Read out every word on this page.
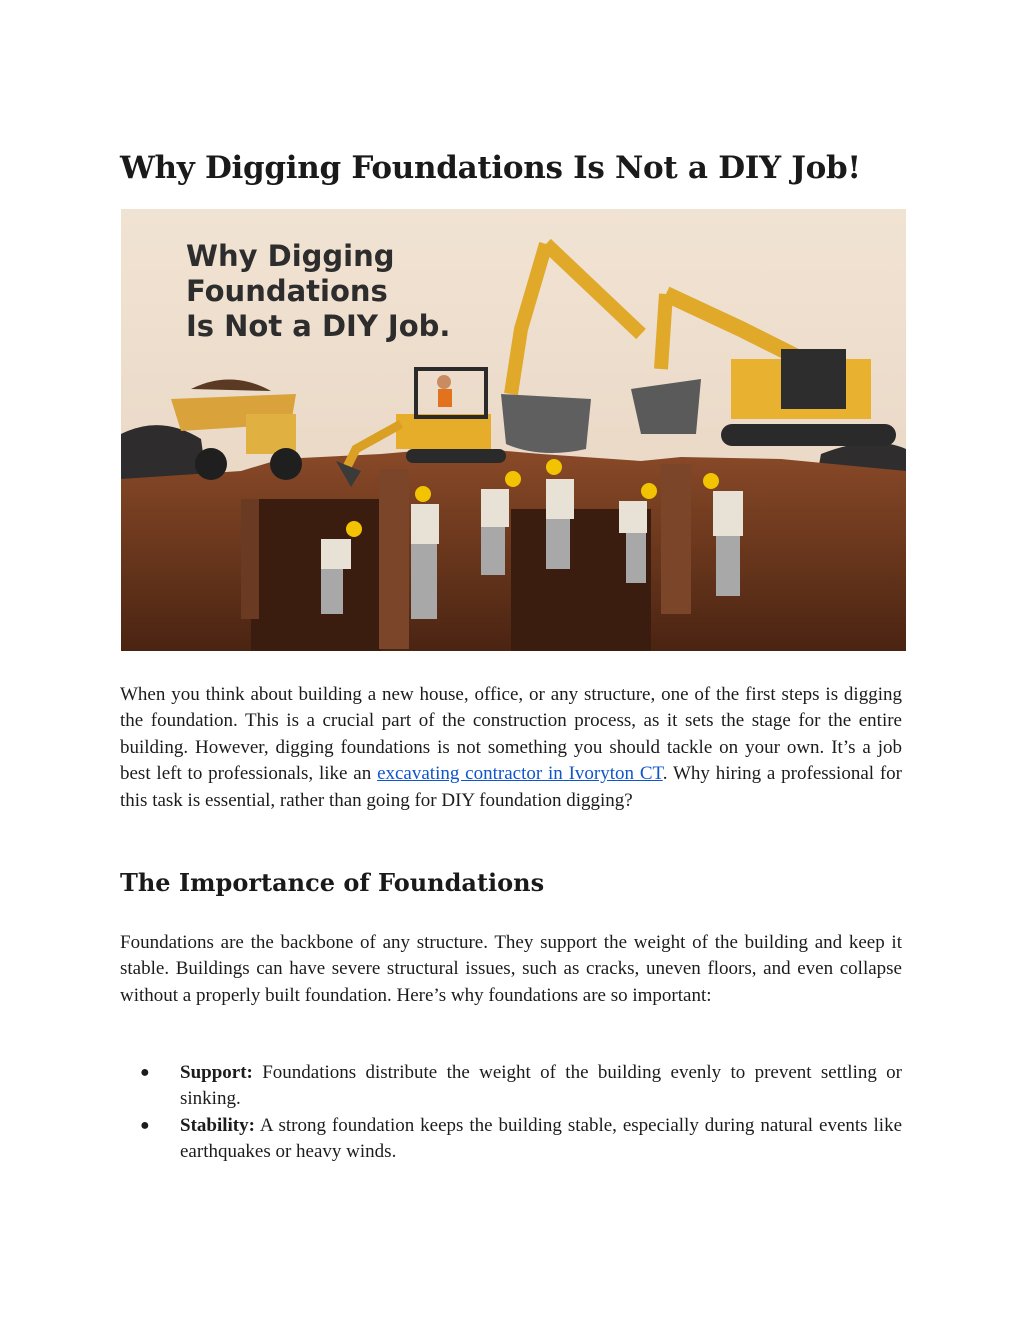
Why Digging Foundations Is Not a DIY Job!
Why Digging
Foundations
Is Not a DIY Job.

When you think about building a new house, office, or any structure, one of the first steps is digging the foundation. This is a crucial part of the construction process, as it sets the stage for the entire building. However, digging foundations is not something you should tackle on your own. It’s a job best left to professionals, like an excavating contractor in Ivoryton CT. Why hiring a professional for this task is essential, rather than going for DIY foundation digging?

The Importance of Foundations

Foundations are the backbone of any structure. They support the weight of the building and keep it stable. Buildings can have severe structural issues, such as cracks, uneven floors, and even collapse without a properly built foundation. Here’s why foundations are so important:

● Support: Foundations distribute the weight of the building evenly to prevent settling or sinking.
● Stability: A strong foundation keeps the building stable, especially during natural events like earthquakes or heavy winds.
